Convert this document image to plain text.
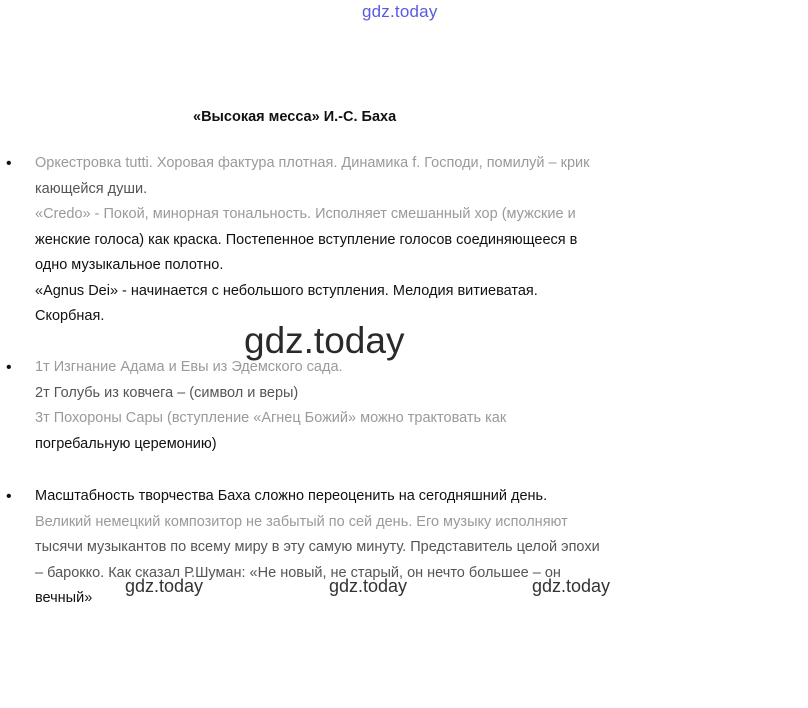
gdz.today
«Высокая месса» И.-С. Баха
• Оркестровка tutti. Хоровая фактура плотная. Динамика f. Господи, помилуй – крик

кающейся души.

«Credo» - Покой, минорная тональность. Исполняет смешанный хор (мужские и

женские голоса) как краска. Постепенное вступление голосов соединяющееся в

одно музыкальное полотно.

«Agnus Dei» - начинается с небольшого вступления. Мелодия витиеватая.

Скорбная.

• 1т Изгнание Адама и Евы из Эдемского сада.

2т Голубь из ковчега – (символ и веры)

3т Похороны Сары (вступление «Агнец Божий» можно трактовать как

погребальную церемонию)

• Масштабность творчества Баха сложно переоценить на сегодняшний день.

Великий немецкий композитор не забытый по сей день. Его музыку исполняют

тысячи музыкантов по всему миру в эту самую минуту. Представитель целой эпохи

– барокко. Как сказал Р.Шуман: «Не новый, не старый, он нечто большее – он

вечный»

gdz.today
gdz.today	gdz.today	gdz.today
